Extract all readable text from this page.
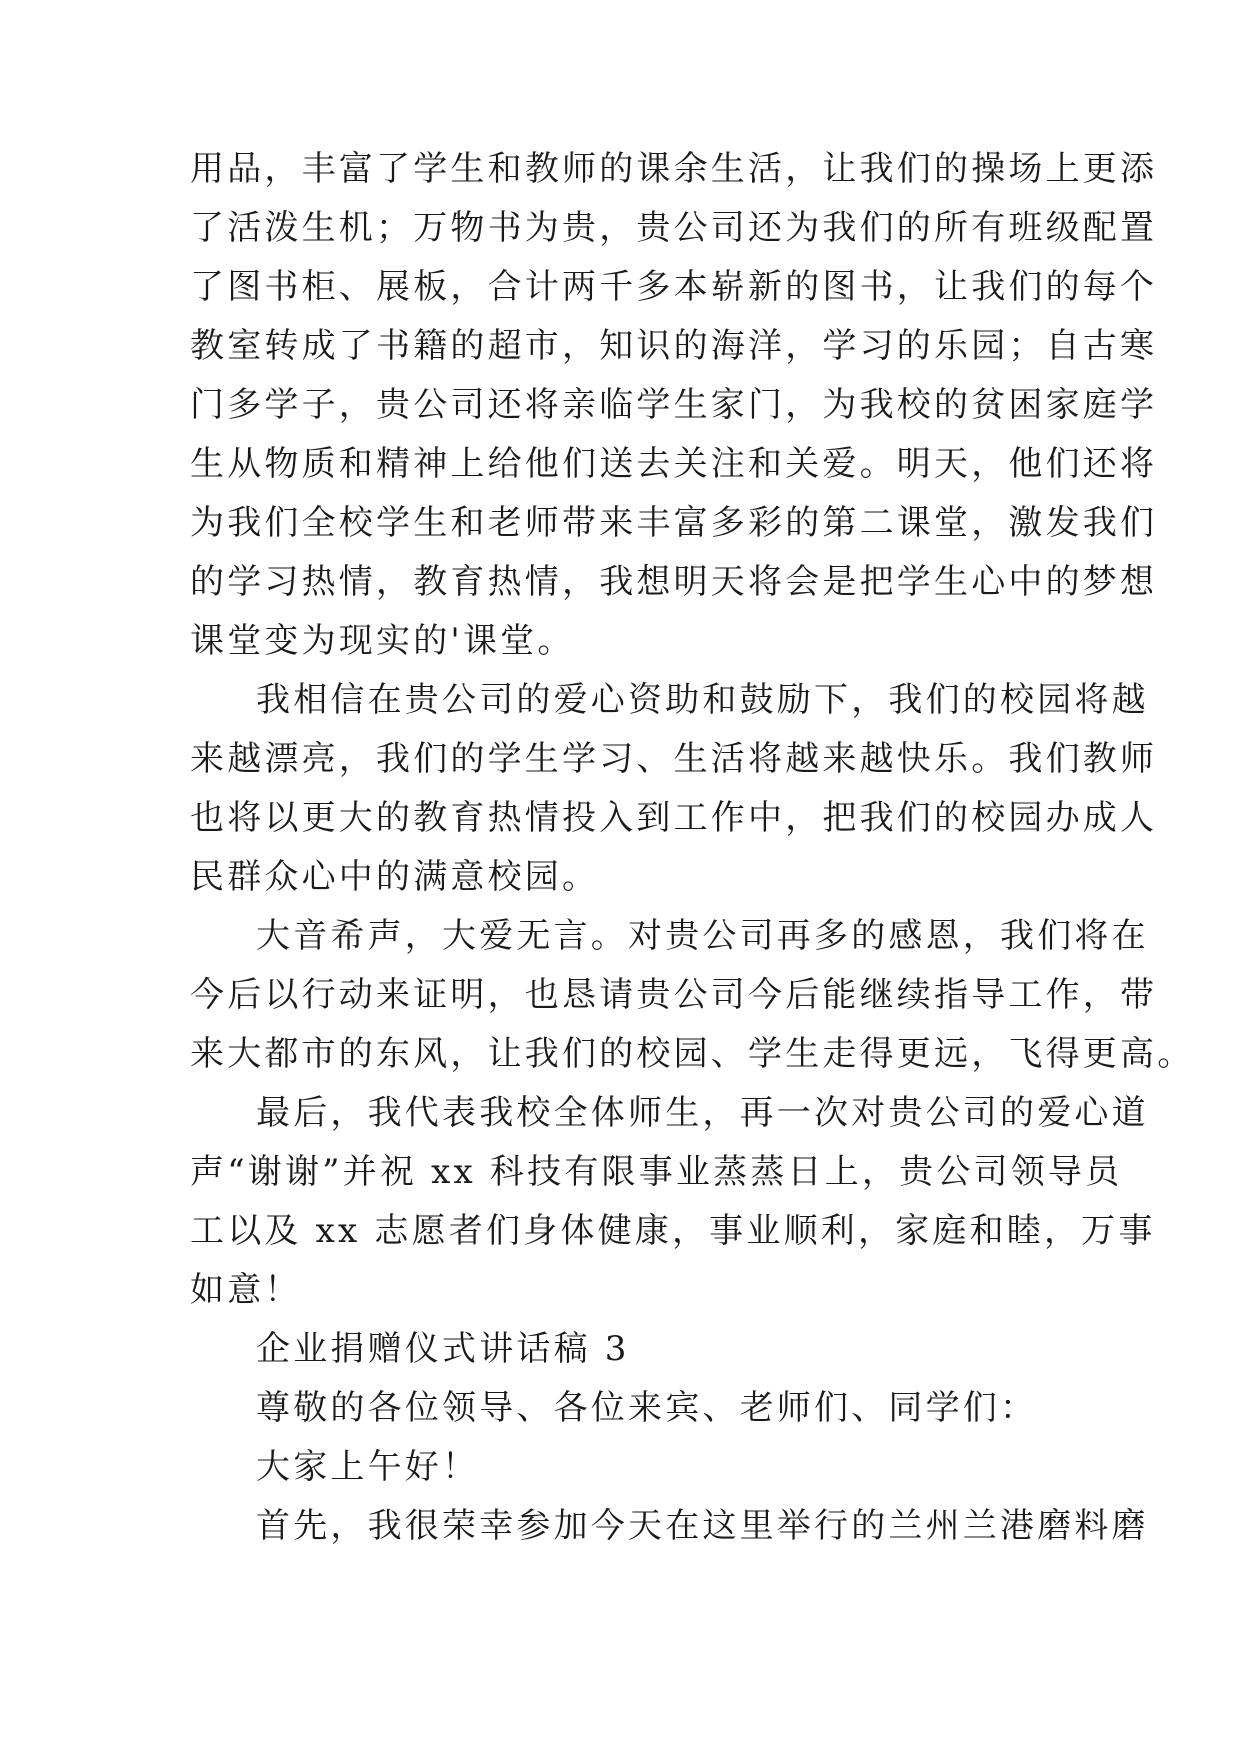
用品，丰富了学生和教师的课余生活，让我们的操场上更添
了活泼生机；万物书为贵，贵公司还为我们的所有班级配置
了图书柜、展板，合计两千多本崭新的图书，让我们的每个
教室转成了书籍的超市，知识的海洋，学习的乐园；自古寒
门多学子，贵公司还将亲临学生家门，为我校的贫困家庭学
生从物质和精神上给他们送去关注和关爱。明天，他们还将
为我们全校学生和老师带来丰富多彩的第二课堂，激发我们
的学习热情，教育热情，我想明天将会是把学生心中的梦想
课堂变为现实的'课堂。
我相信在贵公司的爱心资助和鼓励下，我们的校园将越
来越漂亮，我们的学生学习、生活将越来越快乐。我们教师
也将以更大的教育热情投入到工作中，把我们的校园办成人
民群众心中的满意校园。
大音希声，大爱无言。对贵公司再多的感恩，我们将在
今后以行动来证明，也恳请贵公司今后能继续指导工作，带
来大都市的东风，让我们的校园、学生走得更远，飞得更高。
最后，我代表我校全体师生，再一次对贵公司的爱心道
声“谢谢”并祝 xx 科技有限事业蒸蒸日上，贵公司领导员
工以及 xx 志愿者们身体健康，事业顺利，家庭和睦，万事
如意！
企业捐赠仪式讲话稿 3
尊敬的各位领导、各位来宾、老师们、同学们：
大家上午好！
首先，我很荣幸参加今天在这里举行的兰州兰港磨料磨
